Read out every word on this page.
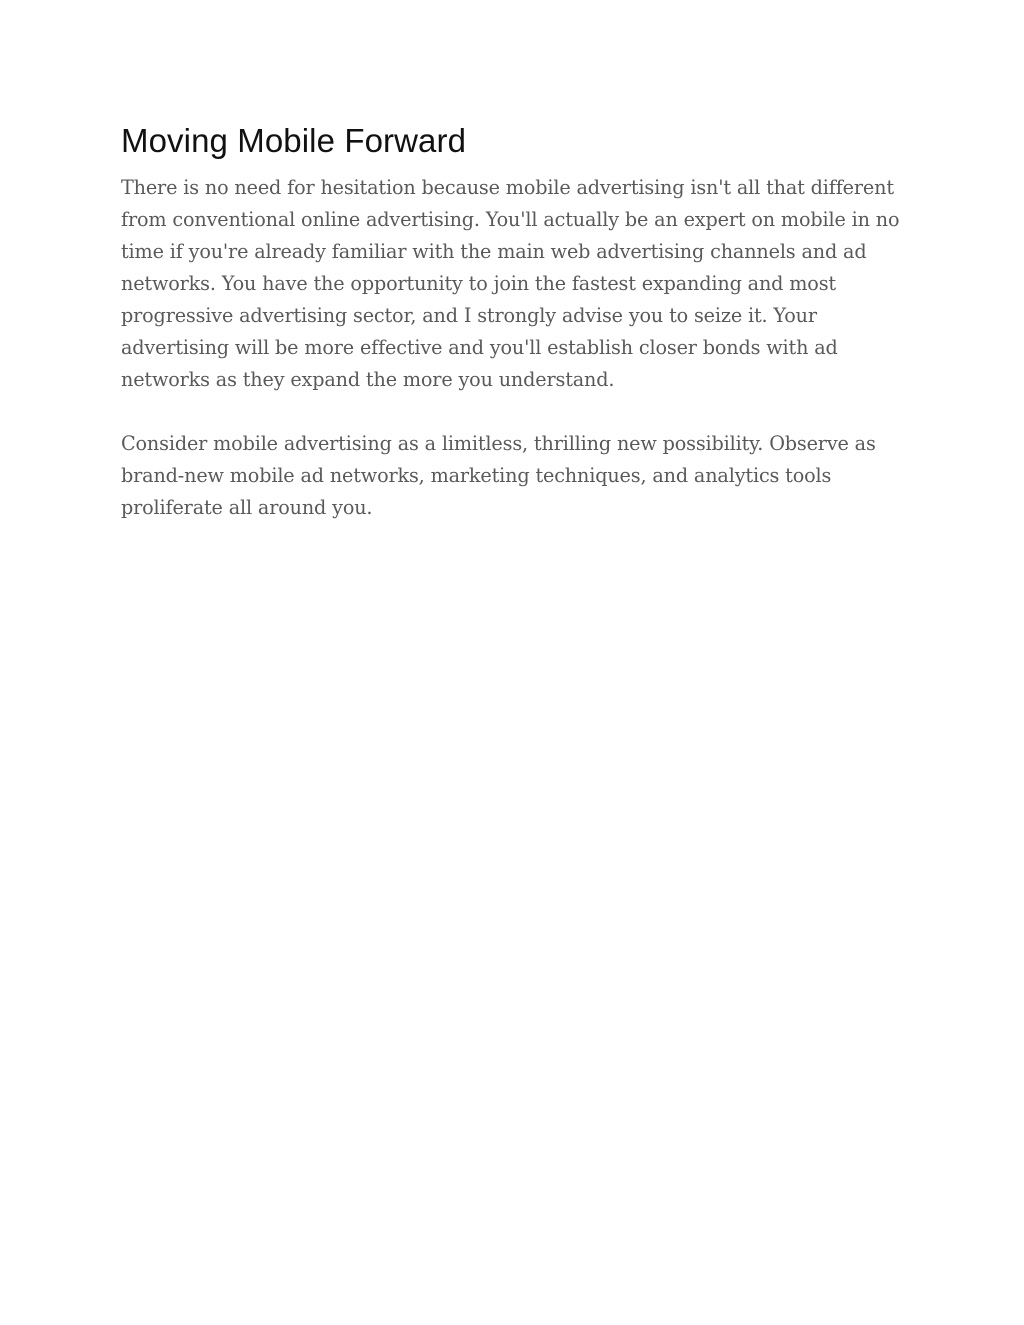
Moving Mobile Forward

There is no need for hesitation because mobile advertising isn't all that different from conventional online advertising. You'll actually be an expert on mobile in no time if you're already familiar with the main web advertising channels and ad networks. You have the opportunity to join the fastest expanding and most progressive advertising sector, and I strongly advise you to seize it. Your advertising will be more effective and you'll establish closer bonds with ad networks as they expand the more you understand.

Consider mobile advertising as a limitless, thrilling new possibility. Observe as brand-new mobile ad networks, marketing techniques, and analytics tools proliferate all around you.
